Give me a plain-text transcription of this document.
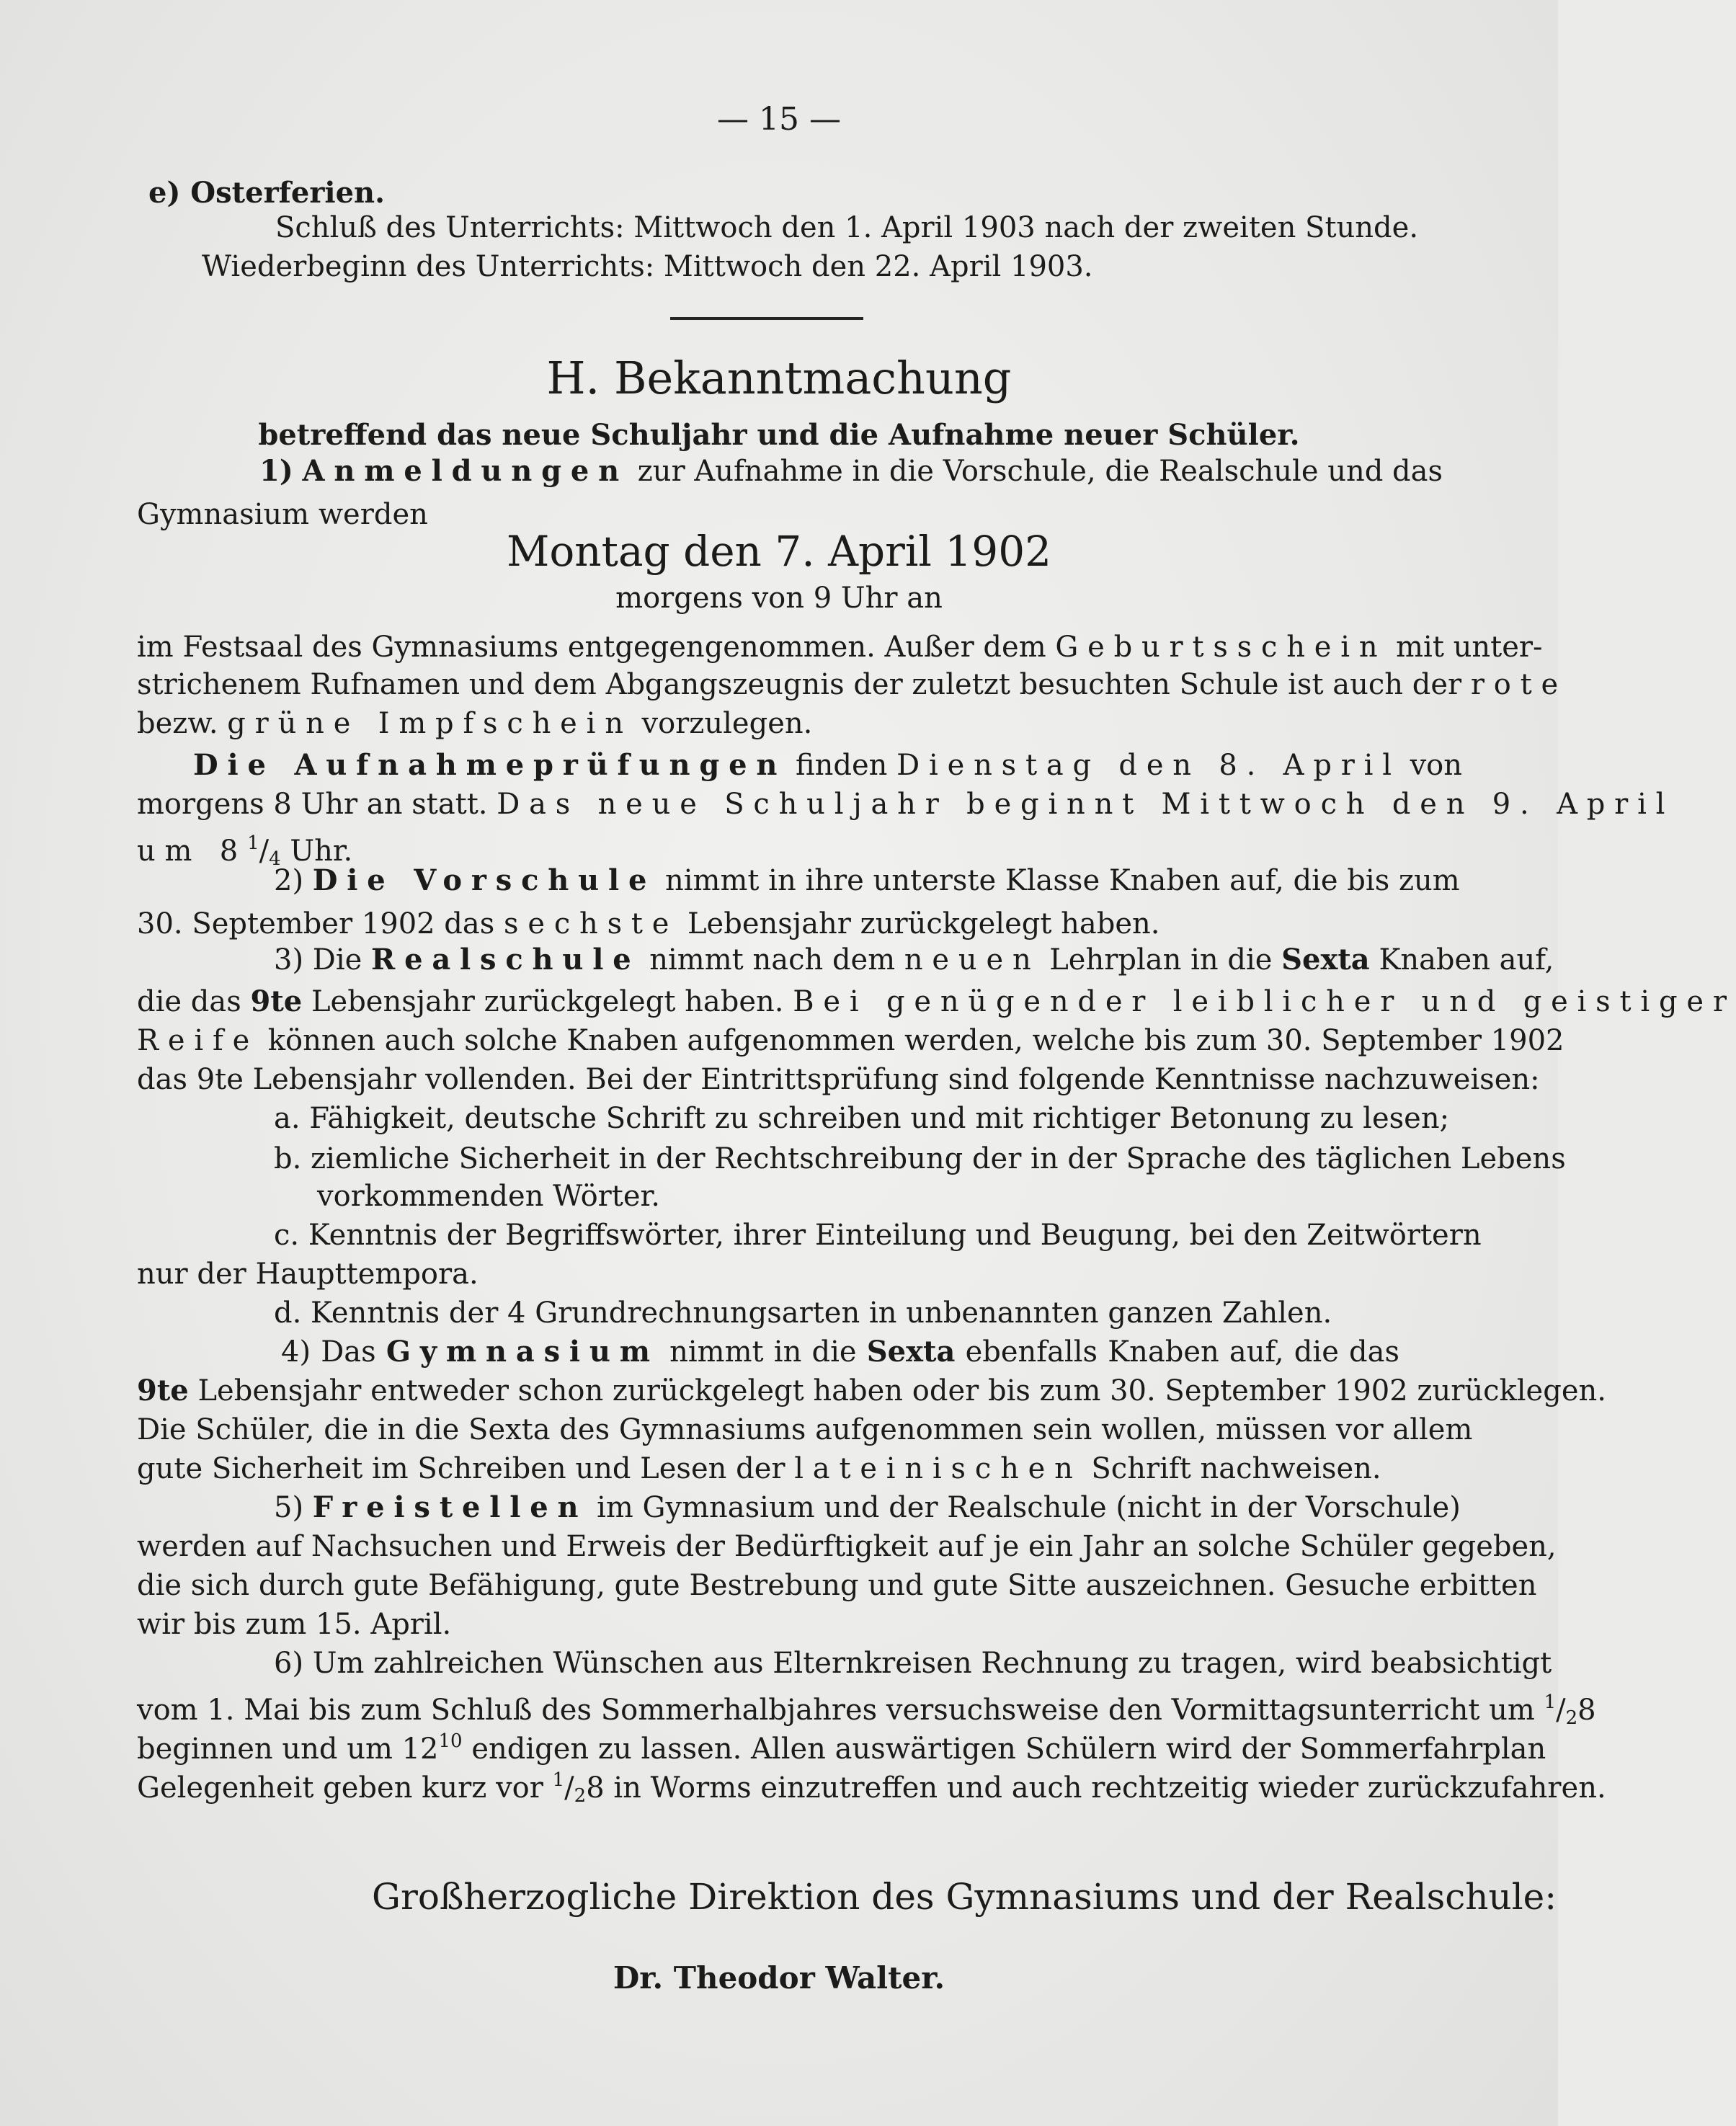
— 15 —
e) Osterferien.
Schluß des Unterrichts: Mittwoch den 1. April 1903 nach der zweiten Stunde.
Wiederbeginn des Unterrichts: Mittwoch den 22. April 1903.
H. Bekanntmachung
betreffend das neue Schuljahr und die Aufnahme neuer Schüler.
1) Anmeldungen zur Aufnahme in die Vorschule, die Realschule und das
Gymnasium werden
Montag den 7. April 1902
morgens von 9 Uhr an
im Festsaal des Gymnasiums entgegengenommen. Außer dem Geburtsschein mit unter-
strichenem Rufnamen und dem Abgangszeugnis der zuletzt besuchten Schule ist auch der rote
bezw. grüne Impfschein vorzulegen.
Die Aufnahmeprüfungen finden Dienstag den 8. April von
morgens 8 Uhr an statt. Das neue Schuljahr beginnt Mittwoch den 9. April
um $8^1/_4$ Uhr.
2) Die Vorschule nimmt in ihre unterste Klasse Knaben auf, die bis zum
30. September 1902 das sechste Lebensjahr zurückgelegt haben.
3) Die Realschule nimmt nach dem neuen Lehrplan in die Sexta Knaben auf,
die das 9te Lebensjahr zurückgelegt haben. Bei genügender leiblicher und geistiger
Reife können auch solche Knaben aufgenommen werden, welche bis zum 30. September 1902
das 9te Lebensjahr vollenden. Bei der Eintrittsprüfung sind folgende Kenntnisse nachzuweisen:
a. Fähigkeit, deutsche Schrift zu schreiben und mit richtiger Betonung zu lesen;
b. ziemliche Sicherheit in der Rechtschreibung der in der Sprache des täglichen Lebens
vorkommenden Wörter.
c. Kenntnis der Begriffswörter, ihrer Einteilung und Beugung, bei den Zeitwörtern
nur der Haupttempora.
d. Kenntnis der 4 Grundrechnungsarten in unbenannten ganzen Zahlen.
4) Das Gymnasium nimmt in die Sexta ebenfalls Knaben auf, die das
9te Lebensjahr entweder schon zurückgelegt haben oder bis zum 30. September 1902 zurücklegen.
Die Schüler, die in die Sexta des Gymnasiums aufgenommen sein wollen, müssen vor allem
gute Sicherheit im Schreiben und Lesen der lateinischen Schrift nachweisen.
5) Freistellen im Gymnasium und der Realschule (nicht in der Vorschule)
werden auf Nachsuchen und Erweis der Bedürftigkeit auf je ein Jahr an solche Schüler gegeben,
die sich durch gute Befähigung, gute Bestrebung und gute Sitte auszeichnen. Gesuche erbitten
wir bis zum 15. April.
6) Um zahlreichen Wünschen aus Elternkreisen Rechnung zu tragen, wird beabsichtigt
vom 1. Mai bis zum Schluß des Sommerhalbjahres versuchsweise den Vormittagsunterricht um $^1/_28$
beginnen und um $12^{10}$ endigen zu lassen. Allen auswärtigen Schülern wird der Sommerfahrplan
Gelegenheit geben kurz vor $^1/_28$ in Worms einzutreffen und auch rechtzeitig wieder zurückzufahren.
Großherzogliche Direktion des Gymnasiums und der Realschule:
Dr. Theodor Walter.
